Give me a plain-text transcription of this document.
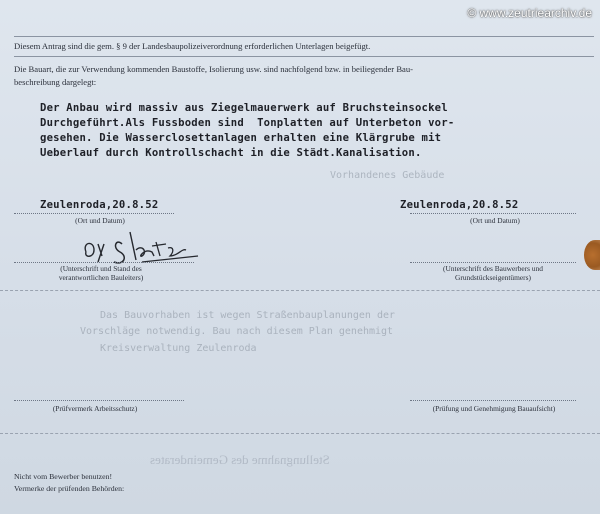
© www.zeutriearchiv.de
Vorhandenes Gebäude
Das Bauvorhaben ist wegen Straßenbauplanungen der
Vorschläge notwendig. Bau nach diesem Plan genehmigt
Kreisverwaltung Zeulenroda
Stellungnahme des Gemeinderates
Diesem Antrag sind die gem. § 9 der Landesbaupolizeiverordnung erforderlichen Unterlagen beigefügt.
Die Bauart, die zur Verwendung kommenden Baustoffe, Isolierung usw. sind nachfolgend bzw. in beiliegender Bau-
beschreibung dargelegt:
Der Anbau wird massiv aus Ziegelmauerwerk auf Bruchsteinsockel
Durchgeführt.Als Fussboden sind  Tonplatten auf Unterbeton vor-
gesehen. Die Wasserclosettanlagen erhalten eine Klärgrube mit
Ueberlauf durch Kontrollschacht in die Städt.Kanalisation.
Zeulenroda,20.8.52
(Ort und Datum)
Zeulenroda,20.8.52
(Ort und Datum)
(Unterschrift und Stand des verantwortlichen Bauleiters)
(Unterschrift des Bauwerbers und Grundstückseigentümers)
(Prüfvermerk Arbeitsschutz)	(Prüfung und Genehmigung Bauaufsicht)
Nicht vom Bewerber benutzen!
Vermerke der prüfenden Behörden:
